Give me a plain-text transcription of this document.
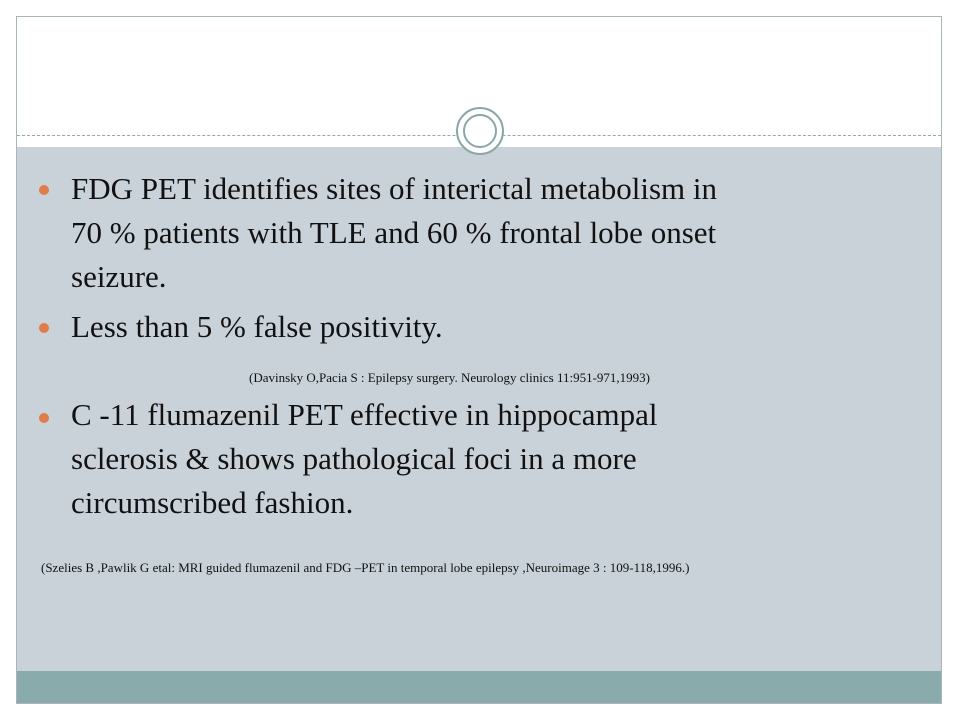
FDG PET identifies sites of interictal metabolism in
70 % patients with TLE and 60 % frontal lobe onset
seizure.
Less than 5 % false positivity.
(Davinsky O,Pacia S : Epilepsy surgery. Neurology clinics 11:951-971,1993)
C -11 flumazenil PET effective in hippocampal
sclerosis & shows pathological foci in a more
circumscribed fashion.
(Szelies B ,Pawlik G etal: MRI guided flumazenil and FDG –PET in temporal lobe epilepsy ,Neuroimage 3 : 109-118,1996.)
